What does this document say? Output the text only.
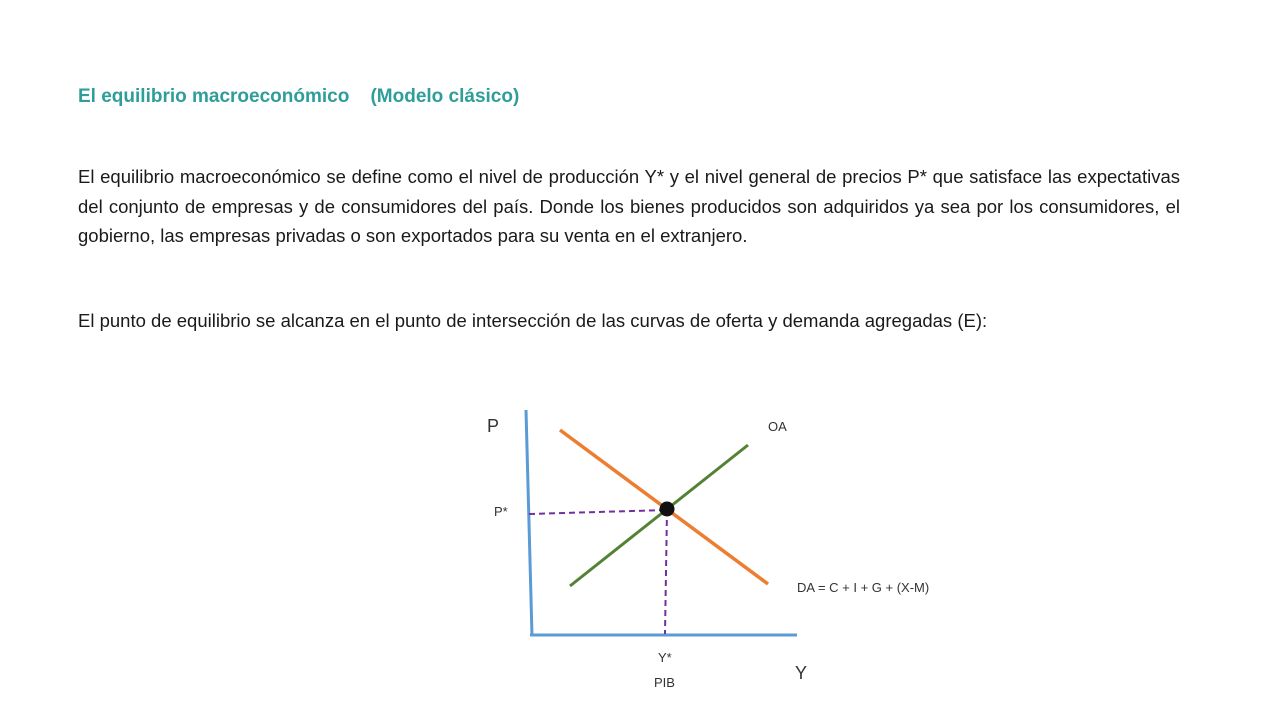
El equilibrio macroeconómico    (Modelo clásico)

El equilibrio macroeconómico se define como el nivel de producción Y* y el nivel general de precios P* que satisface las expectativas del conjunto de empresas y de consumidores del país. Donde los bienes producidos son adquiridos ya sea por los consumidores, el gobierno, las empresas privadas o son exportados para su venta en el extranjero.

El punto de equilibrio se alcanza en el punto de intersección de las curvas de oferta y demanda agregadas (E):

P
Y
OA
DA = C + I + G + (X-M)
P*
Y*
PIB
